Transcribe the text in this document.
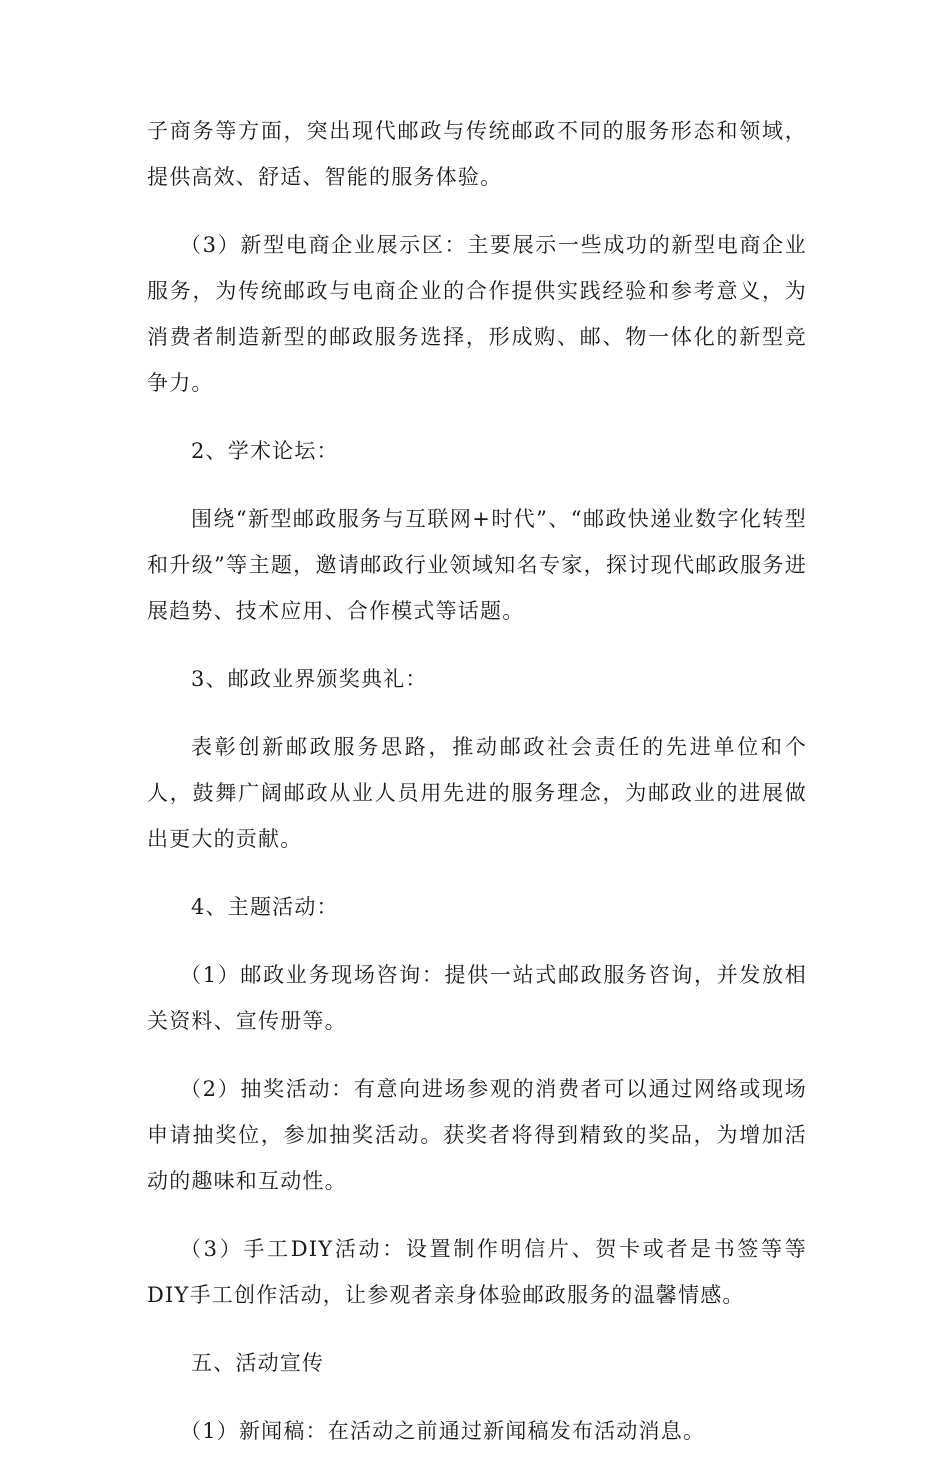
子商务等方面，突出现代邮政与传统邮政不同的服务形态和领域，提供高效、舒适、智能的服务体验。

（3）新型电商企业展示区：主要展示一些成功的新型电商企业服务，为传统邮政与电商企业的合作提供实践经验和参考意义，为消费者制造新型的邮政服务选择，形成购、邮、物一体化的新型竞争力。

2、学术论坛：

围绕“新型邮政服务与互联网+时代”、“邮政快递业数字化转型和升级”等主题，邀请邮政行业领域知名专家，探讨现代邮政服务进展趋势、技术应用、合作模式等话题。

3、邮政业界颁奖典礼：

表彰创新邮政服务思路，推动邮政社会责任的先进单位和个人，鼓舞广阔邮政从业人员用先进的服务理念，为邮政业的进展做出更大的贡献。

4、主题活动：

（1）邮政业务现场咨询：提供一站式邮政服务咨询，并发放相关资料、宣传册等。

（2）抽奖活动：有意向进场参观的消费者可以通过网络或现场申请抽奖位，参加抽奖活动。获奖者将得到精致的奖品，为增加活动的趣味和互动性。

（3）手工DIY活动：设置制作明信片、贺卡或者是书签等等DIY手工创作活动，让参观者亲身体验邮政服务的温馨情感。

五、活动宣传

（1）新闻稿：在活动之前通过新闻稿发布活动消息。
